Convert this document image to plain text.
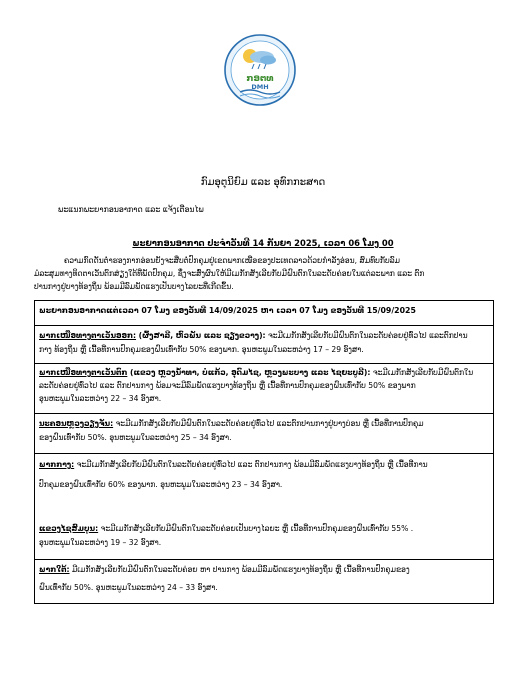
ກອຕທ
DMH
ກົມອຸຕຸນິຍົມ ແລະ ອຸທົກກະສາດ
ພະແນກພະຍາກອນອາກາດ ແລະ ແຈ້ງເຕືອນໄພ
ພະຍາກອນອາກາດ ປະຈຳວັນທີ 14 ກັນຍາ 2025, ເວລາ 06 ໂມງ 00
ຄວາມກົດດັນຕໍ່າຮອງກາກອ່ອນຍັງຈະສືບຕໍ່ປົກຄຸມຢູ່ເຂດພາກເໜືອຂອງປະເທດລາວດ້ວຍກຳລັງອ່ອນ, ສົມທົບກັບລົມ
ມໍລະສຸມທາງທິດຕາເວັນຕົກສ່ຽງໃຕ້ທີ່ພັດປົກຄຸມ, ຊຶ່ງຈະສົ່ງຜົນໃຫ້ມີເມກັກສັງເລີຍກັບມີຝົນຕົກໃນລະດັບຄ່ອຍໃນແຕ່ລະພາກ ແລະ ຕົກ
ປານກາງຢູ່ບາງທ້ອງຖິ່ນ ພ້ອມມີລົມພັດແຮງເປັນບາງໄລຍະທີ່ເກີດຂຶ້ນ.
ພະຍາກອນອາກາດແຕ່ເວລາ 07 ໂມງ ຂອງວັນທີ 14/09/2025 ຫາ ເວລາ 07 ໂມງ ຂອງວັນທີ 15/09/2025
ພາກເໜືອທາງຕາເວັນອອກ: (ຜົ້ງສາລີ, ຫົວພັນ ແລະ ຊຽງຂວາງ): ຈະມີເມກັກສັງເລີຍກັບມີຝົນຕົກໃນລະດັບຄ່ອຍຢູ່ທົ່ວໄປ ແລະຕົກປານ
ກາງ ທ້ອງຖິ່ນ ຫຼື ເນື້ອທີ່ການປົກຄຸມຂອງຝົນເທົ່າກັບ 50% ຂອງພາກ. ອຸນຫະພູມໃນລະຫວ່າງ 17 – 29 ອົງສາ.
ພາກເໜືອທາງຕາເວັນຕົກ (ແຂວງ ຫຼວງນ້ຳທາ, ບໍ່ແກ້ວ, ອຸດົມໄຊ, ຫຼວງພະບາງ ແລະ ໄຊຍະບູລີ): ຈະມີເມກັກສັງເລີຍກັບມີຝົນຕົກໃນ
ລະດັບຄ່ອຍຢູ່ທົ່ວໄປ ແລະ ຕົກປານກາງ ພ້ອມຈະມີລົມພັດແຮງບາງທ້ອງຖິ່ນ ຫຼື ເນື້ອທີ່ການປົກຄຸມຂອງຝົນເທົ່າກັບ 50% ຂອງພາກ
ອຸນຫະພູມໃນລະຫວ່າງ 22 – 34 ອົງສາ.
ນະຄອນຫຼວງວຽງຈັນ: ຈະມີເມກັກສັງເລີຍກັບມີຝົນຕົກໃນລະດັບຄ່ອຍຢູ່ທົ່ວໄປ ແລະຕົກປານກາງຢູ່ບາງບ່ອນ ຫຼື ເນື້ອທີ່ການປົກຄຸມ
ຂອງຝົນເທົ່າກັບ 50%. ອຸນຫະພູມໃນລະຫວ່າງ 25 – 34 ອົງສາ.
ພາກກາງ: ຈະມີເມກັກສັງເລີຍກັບມີຝົນຕົກໃນລະດັບຄ່ອຍຢູ່ທົ່ວໄປ ແລະ ຕົກປານກາງ ພ້ອມມີລົມພັດແຮງບາງທ້ອງຖິ່ນ ຫຼື ເນື້ອທີ່ການ
ປົກຄຸມຂອງຝົນເທົ່າກັບ 60% ຂອງພາກ. ອຸນຫະພູມໃນລະຫວ່າງ 23 – 34 ອົງສາ.
ແຂວງໄຊສົມບູນ: ຈະມີເມກັກສັງເລີຍກັບມີຝົນຕົກໃນລະດັບຄ່ອຍເປັນບາງໄລຍະ ຫຼື ເນື້ອທີ່ການປົກຄຸມຂອງຝົນເທົ່າກັບ 55% .
ອຸນຫະພູມໃນລະຫວ່າງ 19 – 32 ອົງສາ.
ພາກໃຕ້: ມີເມກັກສັງເລີຍກັບມີຝົນຕົກໃນລະດັບຄ່ອຍ ຫາ ປານກາງ ພ້ອມມີລົມພັດແຮງບາງທ້ອງຖິ່ນ ຫຼື ເນື້ອທີ່ການປົກຄຸມຂອງ
ຝົນເທົ່າກັບ 50%. ອຸນຫະພູມໃນລະຫວ່າງ 24 – 33 ອົງສາ.
